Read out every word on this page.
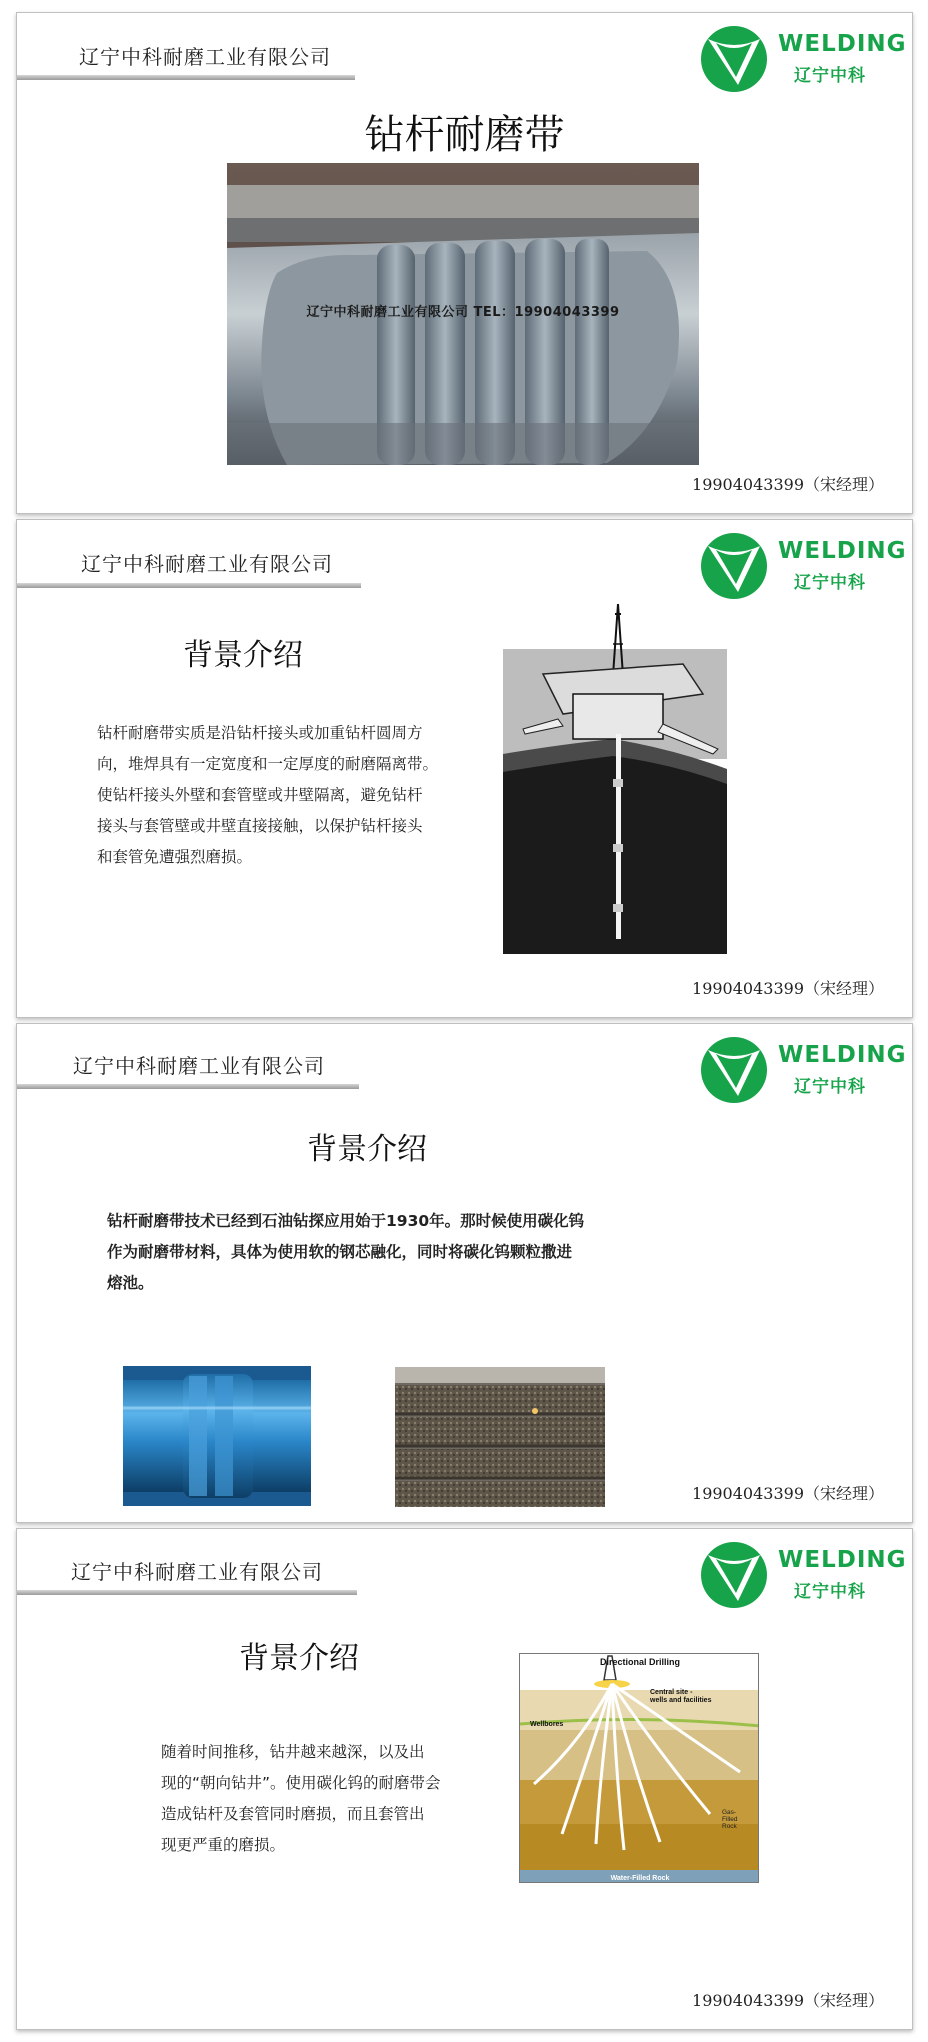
辽宁中科耐磨工业有限公司	WELDING
辽宁中科
钻杆耐磨带
辽宁中科耐磨工业有限公司 TEL：19904043399
19904043399（宋经理）
辽宁中科耐磨工业有限公司	WELDING
辽宁中科
背景介绍
钻杆耐磨带实质是沿钻杆接头或加重钻杆圆周方
向，堆焊具有一定宽度和一定厚度的耐磨隔离带。
使钻杆接头外壁和套管壁或井壁隔离，避免钻杆
接头与套管壁或井壁直接接触，以保护钻杆接头
和套管免遭强烈磨损。
19904043399（宋经理）
辽宁中科耐磨工业有限公司	WELDING
辽宁中科
背景介绍
钻杆耐磨带技术已经到石油钻探应用始于1930年。那时候使用碳化钨
作为耐磨带材料，具体为使用软的钢芯融化，同时将碳化钨颗粒撒进
熔池。
19904043399（宋经理）
辽宁中科耐磨工业有限公司	WELDING
辽宁中科
背景介绍
随着时间推移，钻井越来越深，以及出
现的“朝向钻井”。使用碳化钨的耐磨带会
造成钻杆及套管同时磨损，而且套管出
现更严重的磨损。
Directional Drilling
Central site -
wells and facilities
Wellbores
Gas-
Filled
Rock
Water-Filled Rock
19904043399（宋经理）
